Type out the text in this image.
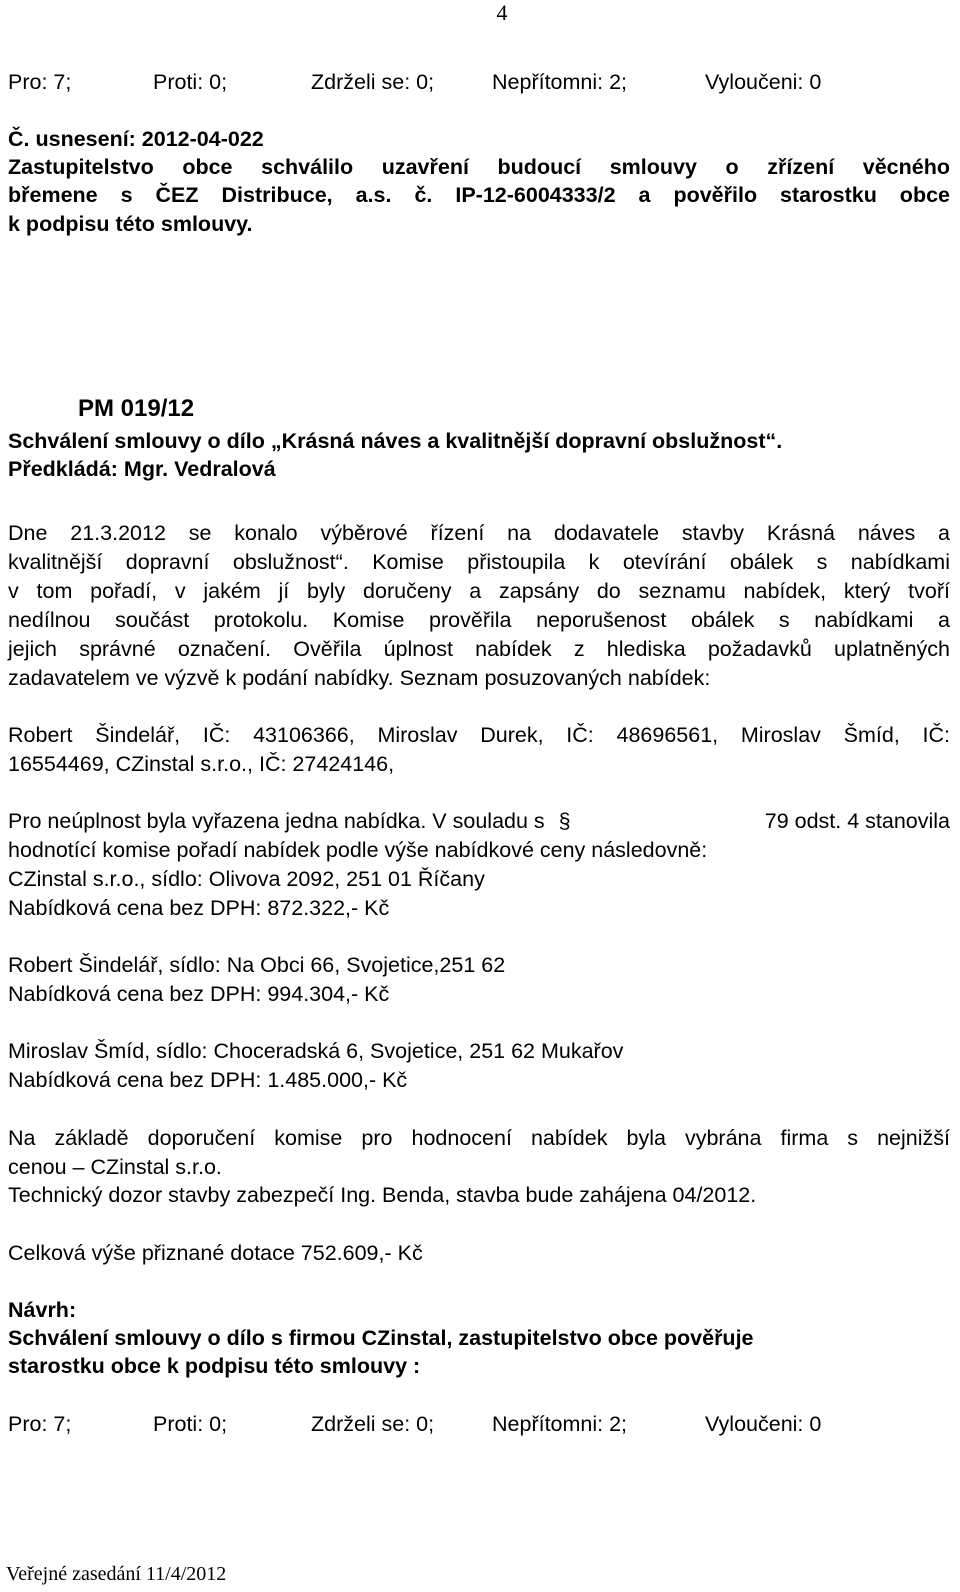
4
Pro: 7;	Proti: 0;	Zdrželi se: 0;	Nepřítomni: 2;	Vyloučeni: 0
Č. usnesení: 2012-04-022
Zastupitelstvo obce schválilo uzavření budoucí smlouvy o zřízení věcného
břemene s ČEZ Distribuce, a.s. č. IP-12-6004333/2 a pověřilo starostku obce
k podpisu této smlouvy.
PM 019/12
Schválení smlouvy o dílo „Krásná náves a kvalitnější dopravní obslužnost“.
Předkládá: Mgr. Vedralová
Dne 21.3.2012 se konalo výběrové řízení na dodavatele stavby Krásná náves a
kvalitnější dopravní obslužnost“. Komise přistoupila k otevírání obálek s nabídkami
v tom pořadí, v jakém jí byly doručeny a zapsány do seznamu nabídek, který tvoří
nedílnou součást protokolu. Komise prověřila neporušenost obálek s nabídkami a
jejich správné označení. Ověřila úplnost nabídek z hlediska požadavků uplatněných
zadavatelem ve výzvě k podání nabídky. Seznam posuzovaných nabídek:
Robert Šindelář, IČ: 43106366, Miroslav Durek, IČ: 48696561, Miroslav Šmíd, IČ:
16554469, CZinstal s.r.o., IČ: 27424146,
Pro neúplnost byla vyřazena jedna nabídka. V souladu s §	79 odst. 4 stanovila
hodnotící komise pořadí nabídek podle výše nabídkové ceny následovně:
CZinstal s.r.o., sídlo: Olivova 2092, 251 01 Říčany
Nabídková cena bez DPH: 872.322,- Kč
Robert Šindelář, sídlo: Na Obci 66, Svojetice,251 62
Nabídková cena bez DPH: 994.304,- Kč
Miroslav Šmíd, sídlo: Choceradská 6, Svojetice, 251 62 Mukařov
Nabídková cena bez DPH: 1.485.000,- Kč
Na základě doporučení komise pro hodnocení nabídek byla vybrána firma s nejnižší
cenou – CZinstal s.r.o.
Technický dozor stavby zabezpečí Ing. Benda, stavba bude zahájena 04/2012.
Celková výše přiznané dotace 752.609,- Kč
Návrh:
Schválení smlouvy o dílo s firmou CZinstal, zastupitelstvo obce pověřuje
starostku obce k podpisu této smlouvy :
Pro: 7;	Proti: 0;	Zdrželi se: 0;	Nepřítomni: 2;	Vyloučeni: 0
Veřejné zasedání 11/4/2012
